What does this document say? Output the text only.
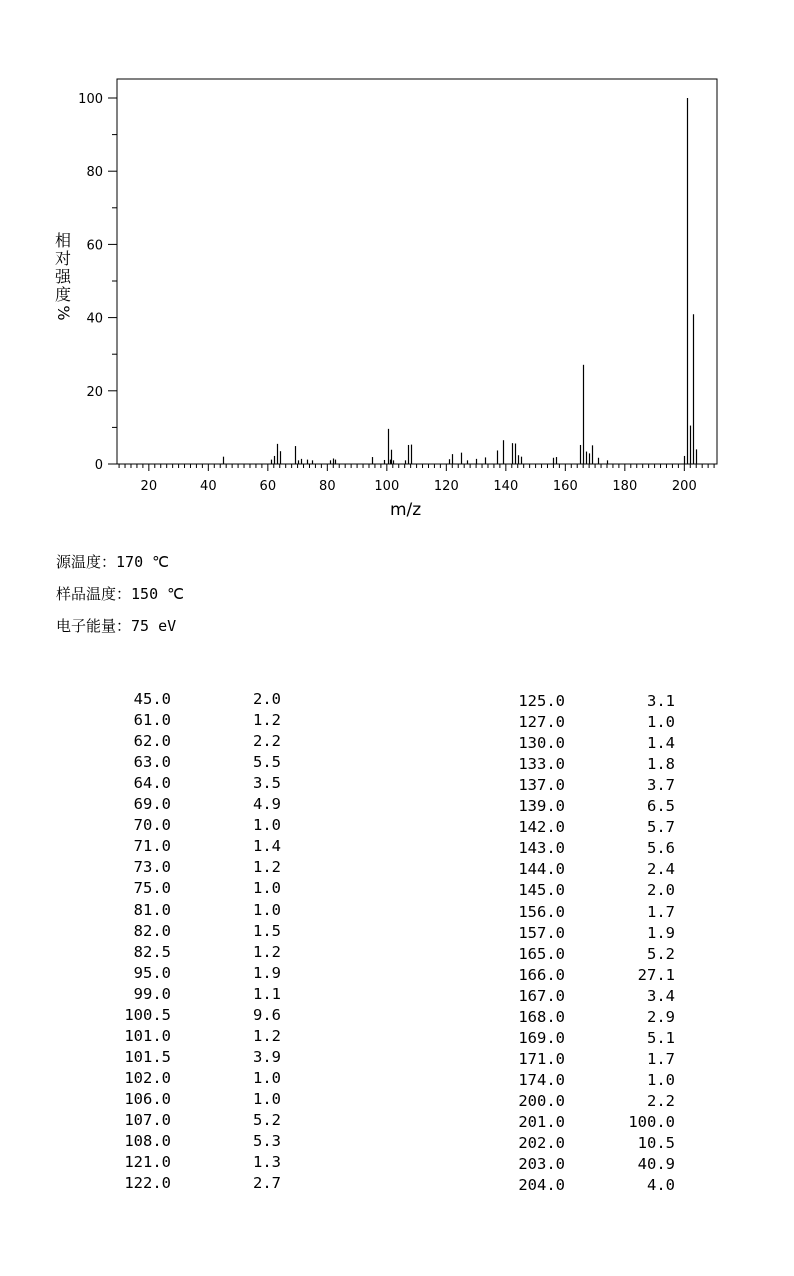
20	40	60	80	100	120	140	160	180	200
0
20
40
60
80
100
相
对
强
度
%
m/z
源温度：170 ℃
样品温度：150 ℃
电子能量：75 eV
45.0	2.0
61.0	1.2
62.0	2.2
63.0	5.5
64.0	3.5
69.0	4.9
70.0	1.0
71.0	1.4
73.0	1.2
75.0	1.0
81.0	1.0
82.0	1.5
82.5	1.2
95.0	1.9
99.0	1.1
100.5	9.6
101.0	1.2
101.5	3.9
102.0	1.0
106.0	1.0
107.0	5.2
108.0	5.3
121.0	1.3
122.0	2.7
125.0	3.1
127.0	1.0
130.0	1.4
133.0	1.8
137.0	3.7
139.0	6.5
142.0	5.7
143.0	5.6
144.0	2.4
145.0	2.0
156.0	1.7
157.0	1.9
165.0	5.2
166.0	27.1
167.0	3.4
168.0	2.9
169.0	5.1
171.0	1.7
174.0	1.0
200.0	2.2
201.0	100.0
202.0	10.5
203.0	40.9
204.0	4.0
